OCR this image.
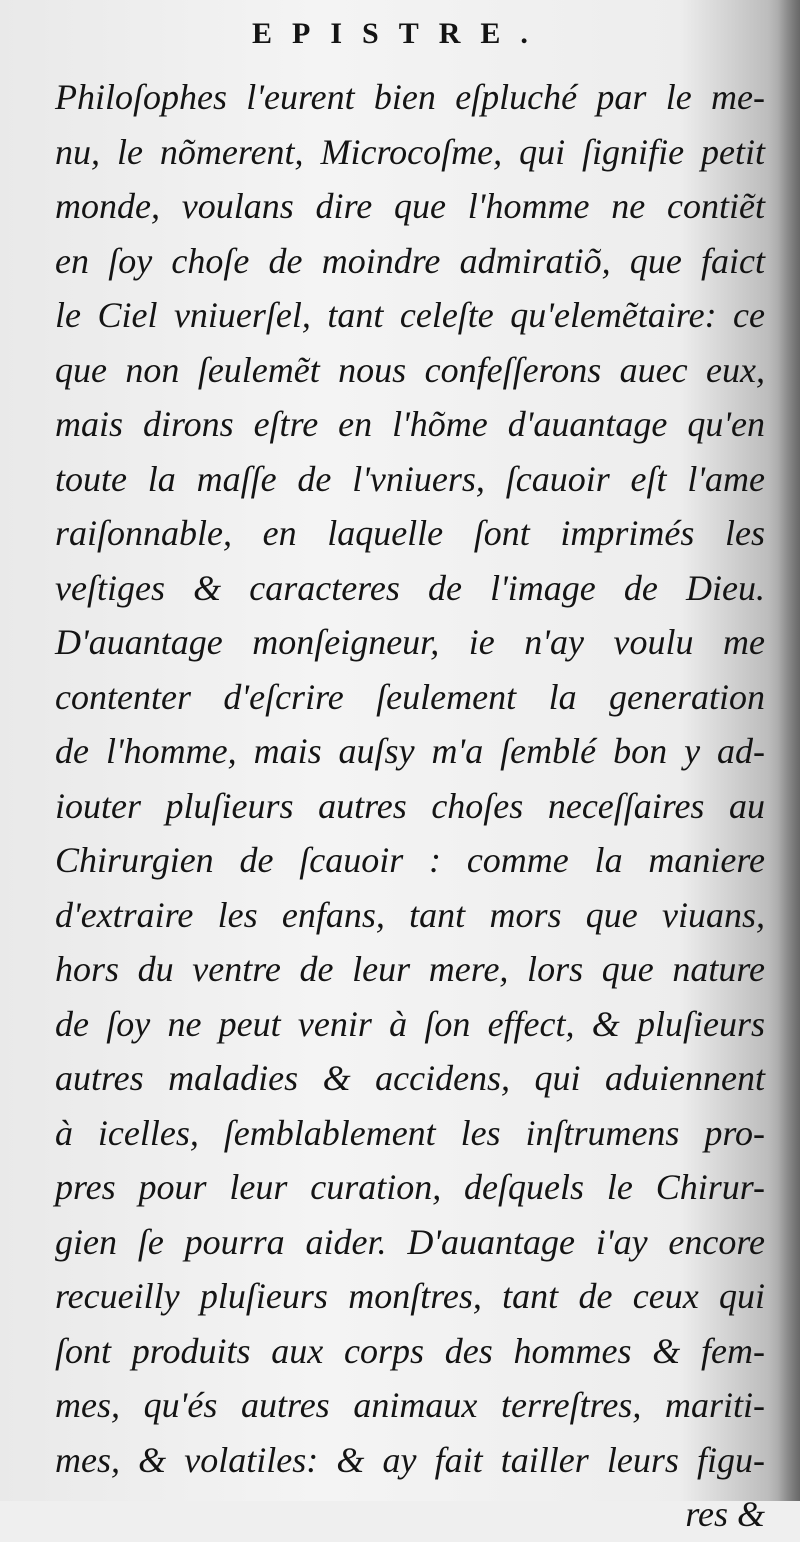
EPISTRE.
Philoſophes l'eurent bien eſpluché par le me-
nu, le nõmerent, Microcoſme, qui ſignifie petit
monde, voulans dire que l'homme ne contiẽt
en ſoy choſe de moindre admiratiõ, que faict
le Ciel vniuerſel, tant celeſte qu'elemẽtaire: ce
que non ſeulemẽt nous confeſſerons auec eux,
mais dirons eſtre en l'hõme d'auantage qu'en
toute la maſſe de l'vniuers, ſcauoir eſt l'ame
raiſonnable, en laquelle ſont imprimés les
veſtiges & caracteres de l'image de Dieu.
D'auantage monſeigneur, ie n'ay voulu me
contenter d'eſcrire ſeulement la generation
de l'homme, mais auſsy m'a ſemblé bon y ad-
iouter pluſieurs autres choſes neceſſaires au
Chirurgien de ſcauoir : comme la maniere
d'extraire les enfans, tant mors que viuans,
hors du ventre de leur mere, lors que nature
de ſoy ne peut venir à ſon effect, & pluſieurs
autres maladies & accidens, qui aduiennent
à icelles, ſemblablement les inſtrumens pro-
pres pour leur curation, deſquels le Chirur-
gien ſe pourra aider. D'auantage i'ay encore
recueilly pluſieurs monſtres, tant de ceux qui
ſont produits aux corps des hommes & fem-
mes, qu'és autres animaux terreſtres, mariti-
mes, & volatiles: & ay fait tailler leurs figu-
res &
